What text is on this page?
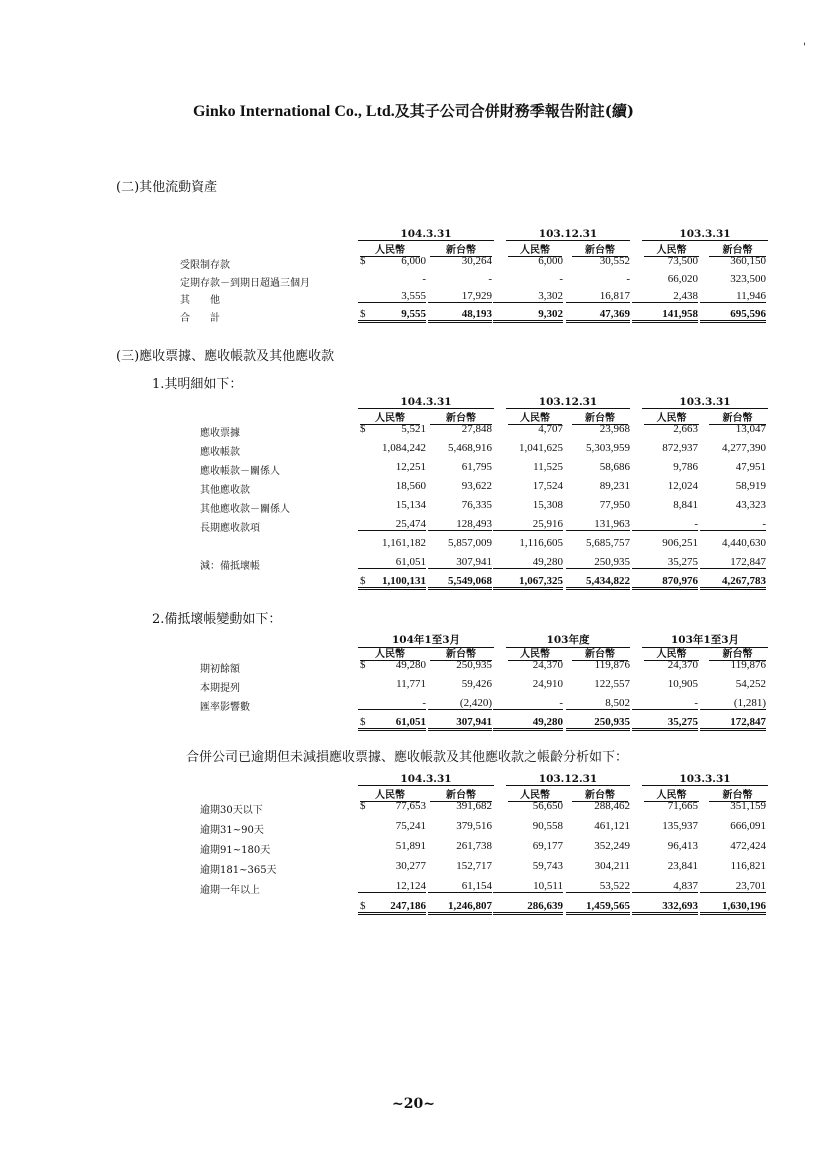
'
Ginko International Co., Ltd.及其子公司合併財務季報告附註(續)
(二)其他流動資產
104.3.31
人民幣	新台幣
103.12.31
人民幣	新台幣
103.3.31
人民幣	新台幣
受限制存款	$	6,000	30,264	6,000	30,552	73,500	360,150
定期存款－到期日超過三個月	-	-	-	-	66,020	323,500
其　　他	3,555	17,929	3,302	16,817	2,438	11,946
合　　計	$	9,555	48,193	9,302	47,369	141,958	695,596
(三)應收票據、應收帳款及其他應收款
1.其明細如下：
104.3.31
人民幣	新台幣
103.12.31
人民幣	新台幣
103.3.31
人民幣	新台幣
應收票據	$	5,521	27,848	4,707	23,968	2,663	13,047
應收帳款	1,084,242	5,468,916	1,041,625	5,303,959	872,937	4,277,390
應收帳款－關係人	12,251	61,795	11,525	58,686	9,786	47,951
其他應收款	18,560	93,622	17,524	89,231	12,024	58,919
其他應收款－關係人	15,134	76,335	15,308	77,950	8,841	43,323
長期應收款項	25,474	128,493	25,916	131,963	-	-
1,161,182	5,857,009	1,116,605	5,685,757	906,251	4,440,630
減：備抵壞帳	61,051	307,941	49,280	250,935	35,275	172,847
$	1,100,131	5,549,068	1,067,325	5,434,822	870,976	4,267,783
2.備抵壞帳變動如下：
104年1至3月
人民幣	新台幣
103年度
人民幣	新台幣
103年1至3月
人民幣	新台幣
期初餘額	$	49,280	250,935	24,370	119,876	24,370	119,876
本期提列	11,771	59,426	24,910	122,557	10,905	54,252
匯率影響數	-	(2,420)	-	8,502	-	(1,281)
$	61,051	307,941	49,280	250,935	35,275	172,847
合併公司已逾期但未減損應收票據、應收帳款及其他應收款之帳齡分析如下：
104.3.31
人民幣	新台幣
103.12.31
人民幣	新台幣
103.3.31
人民幣	新台幣
逾期30天以下	$	77,653	391,682	56,650	288,462	71,665	351,159
逾期31~90天	75,241	379,516	90,558	461,121	135,937	666,091
逾期91~180天	51,891	261,738	69,177	352,249	96,413	472,424
逾期181~365天	30,277	152,717	59,743	304,211	23,841	116,821
逾期一年以上	12,124	61,154	10,511	53,522	4,837	23,701
$	247,186	1,246,807	286,639	1,459,565	332,693	1,630,196
~20~
